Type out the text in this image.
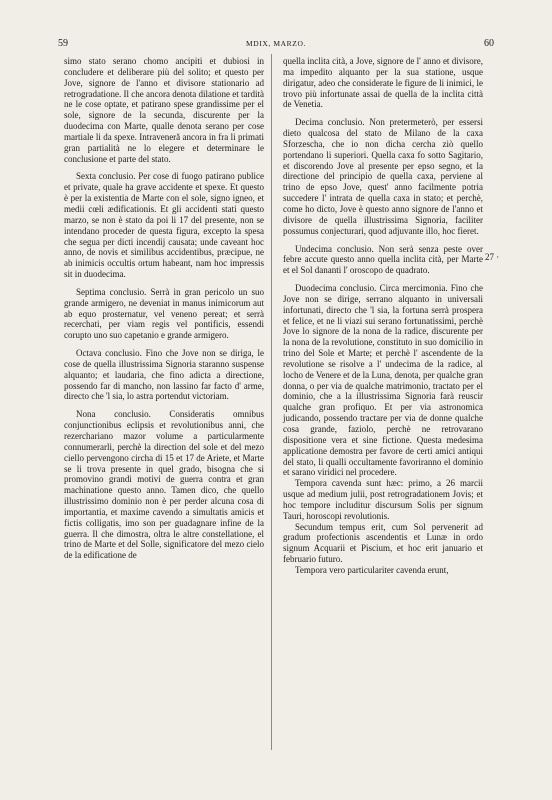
59	MDIX, MARZO.	60

simo stato serano chomo ancipiti et dubiosi in concludere et deliberare più del solito; et questo per Jove, signore de l'anno et divisore stationario ad retrogradatione. Il che ancora denota dilatione et tardità ne le cose optate, et patirano spese grandissime per el sole, signore de la secunda, discurente per la duodecima con Marte, qualle denota serano per cose martiale li da spexe. Intraveneră ancora in fra li primati gran partialità ne lo elegere et determinare le conclusione et parte del stato.

Sexta conclusio. Per cose di fuogo patirano publice et private, quale ha grave accidente et spexe. Et questo è per la existentia de Marte con el sole, signo igneo, et medii cœli ædificationis. Et gli accidenti stati questo marzo, se non è stato da poi li 17 del presente, non se intendano proceder de questa figura, excepto la spesa che segua per dicti incendij causata; unde caveant hoc anno, de novis et similibus accidentibus, præcipue, ne ab inimicis occultis ortum habeant, nam hoc impressis sit in duodecima.

Septima conclusio. Serrà in gran pericolo un suo grande armigero, ne deveniat in manus inimicorum aut ab equo prosternatur, vel veneno pereat; et serrà recerchati, per viam regis vel pontificis, essendi corupto uno suo capetanio e grande armigero.

Octava conclusio. Fino che Jove non se diriga, le cose de quella illustrissima Signoria staranno suspense alquanto; et laudaria, che fino adicta a directione, possendo far di mancho, non lassino far facto d' arme, directo che 'l sia, lo astra portendut victoriam.

Nona conclusio. Consideratis omnibus conjunctionibus eclipsis et revolutionibus anni, che rezerchariano mazor volume a particularmente connumerarli, perchè la direction del sole et del mezo ciello pervengono circha di 15 et 17 de Ariete, et Marte se li trova presente in quel grado, bisogna che si promovino grandi motivi de guerra contra et gran machinatione questo anno. Tamen dico, che quello illustrissimo dominio non è per perder alcuna cosa di importantia, et maxime cavendo a simultatis amicis et fictis colligatis, imo son per guadagnare infine de la guerra. Il che dimostra, oltra le altre constellatione, el trino de Marte et del Solle, significatore del mezo cielo de la edificatione de

quella inclita cità, a Jove, signore de l' anno et divisore, ma impedito alquanto per la sua statione, usque dirigatur, adeo che considerate le figure de li inimici, le trovo più infortunate assai de quella de la inclita città de Venetia.

Decima conclusio. Non pretermeterò, per essersi dieto qualcosa del stato de Milano de la caxa Sforzescha, che io non dicha cercha ziò quello portendano li superiori. Quella caxa fo sotto Sagitario, et discorendo Jove al presente per epso segno, et la directione del principio de quella caxa, perviene al trino de epso Jove, quest' anno facilmente potria succedere l' intrata de quella caxa in stato; et perchè, come ho dicto, Jove è questo anno signore de l'anno et divisore de quella illustrissima Signoria, faciliter possumus conjecturari, quod adjuvante illo, hoc fieret.

Undecima conclusio. Non serà senza peste over febre accute questo anno quella inclita cità, per Marte et el Sol dananti l' oroscopo de quadrato.

Duodecima conclusio. Circa mercimonia. Fino che Jove non se dirige, serrano alquanto in universali infortunati, directo che 'l sia, la fortuna serrà prospera et felice, et ne li viazi sui serano fortunatissimi, perchè Jove lo signore de la nona de la radice, discurente per la nona de la revolutione, constituto in suo domicilio in trino del Sole et Marte; et perchè l' ascendente de la revolutione se risolve a l' undecima de la radice, al locho de Venere et de la Luna, denota, per qualche gran donna, o per via de qualche matrimonio, tractato per el dominio, che a la illustrissima Signoria farà reuscir qualche gran profiquo. Et per via astronomica judicando, possendo tractare per via de donne qualche cosa grande, faziolo, perchè ne retrovarano dispositione vera et sine fictione. Questa medesima applicatione demostra per favore de certi amici antiqui del stato, li qualli occultamente favoriranno el dominio et sarano viridici nel procedere.

Tempora cavenda sunt hæc: primo, a 26 marcii usque ad medium julii, post retrogradationem Jovis; et hoc tempore includitur discursum Solis per signum Tauri, horoscopi revolutionis.

Secundum tempus erit, cum Sol pervenerit ad gradum profectionis ascendentis et Lunæ in ordo signum Acquarii et Piscium, et hoc erit januario et februario futuro.

Tempora vero particulariter cavenda erunt,

27 ·
